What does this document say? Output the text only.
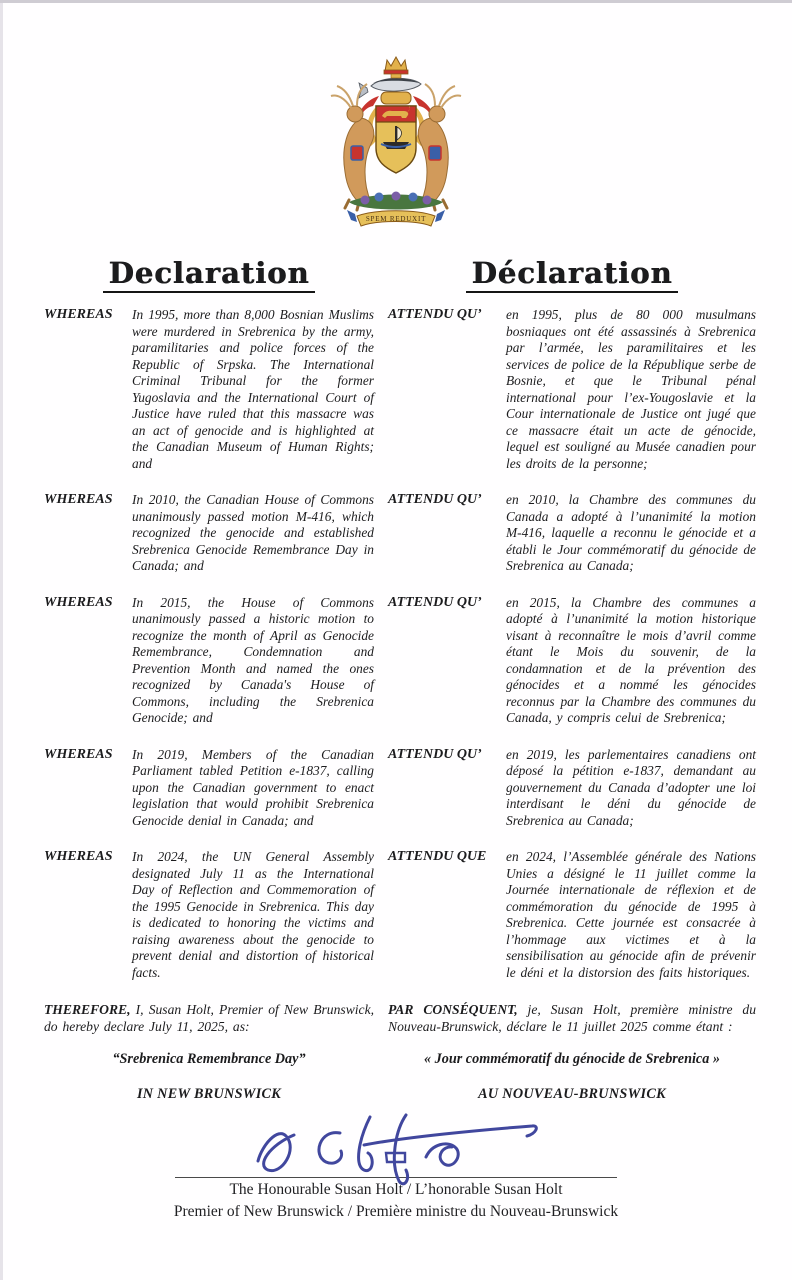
SPEM REDUXIT
Declaration	Déclaration
WHEREAS	In 1995, more than 8,000 Bosnian Muslims were murdered in Srebrenica by the army, paramilitaries and police forces of the Republic of Srpska. The International Criminal Tribunal for the former Yugoslavia and the International Court of Justice have ruled that this massacre was an act of genocide and is highlighted at the Canadian Museum of Human Rights; and
ATTENDU QU’	en 1995, plus de 80 000 musulmans bosniaques ont été assassinés à Srebrenica par l’armée, les paramilitaires et les services de police de la République serbe de Bosnie, et que le Tribunal pénal international pour l’ex-Yougoslavie et la Cour internationale de Justice ont jugé que ce massacre était un acte de génocide, lequel est souligné au Musée canadien pour les droits de la personne;
WHEREAS	In 2010, the Canadian House of Commons unanimously passed motion M-416, which recognized the genocide and established Srebrenica Genocide Remembrance Day in Canada; and
ATTENDU QU’	en 2010, la Chambre des communes du Canada a adopté à l’unanimité la motion M-416, laquelle a reconnu le génocide et a établi le Jour commémoratif du génocide de Srebrenica au Canada;
WHEREAS	In 2015, the House of Commons unanimously passed a historic motion to recognize the month of April as Genocide Remembrance, Condemnation and Prevention Month and named the ones recognized by Canada's House of Commons, including the Srebrenica Genocide; and
ATTENDU QU’	en 2015, la Chambre des communes a adopté à l’unanimité la motion historique visant à reconnaître le mois d’avril comme étant le Mois du souvenir, de la condamnation et de la prévention des génocides et a nommé les génocides reconnus par la Chambre des communes du Canada, y compris celui de Srebrenica;
WHEREAS	In 2019, Members of the Canadian Parliament tabled Petition e-1837, calling upon the Canadian government to enact legislation that would prohibit Srebrenica Genocide denial in Canada; and
ATTENDU QU’	en 2019, les parlementaires canadiens ont déposé la pétition e-1837, demandant au gouvernement du Canada d’adopter une loi interdisant le déni du génocide de Srebrenica au Canada;
WHEREAS	In 2024, the UN General Assembly designated July 11 as the International Day of Reflection and Commemoration of the 1995 Genocide in Srebrenica. This day is dedicated to honoring the victims and raising awareness about the genocide to prevent denial and distortion of historical facts.
ATTENDU QUE	en 2024, l’Assemblée générale des Nations Unies a désigné le 11 juillet comme la Journée internationale de réflexion et de commémoration du génocide de 1995 à Srebrenica. Cette journée est consacrée à l’hommage aux victimes et à la sensibilisation au génocide afin de prévenir le déni et la distorsion des faits historiques.

THEREFORE, I, Susan Holt, Premier of New Brunswick, do hereby declare July 11, 2025, as:

“Srebrenica Remembrance Day”
IN NEW BRUNSWICK

PAR CONSÉQUENT, je, Susan Holt, première ministre du Nouveau-Brunswick, déclare le 11 juillet 2025 comme étant :

« Jour commémoratif du génocide de Srebrenica »
AU NOUVEAU-BRUNSWICK

The Honourable Susan Holt / L’honorable Susan Holt

Premier of New Brunswick / Première ministre du Nouveau-Brunswick
